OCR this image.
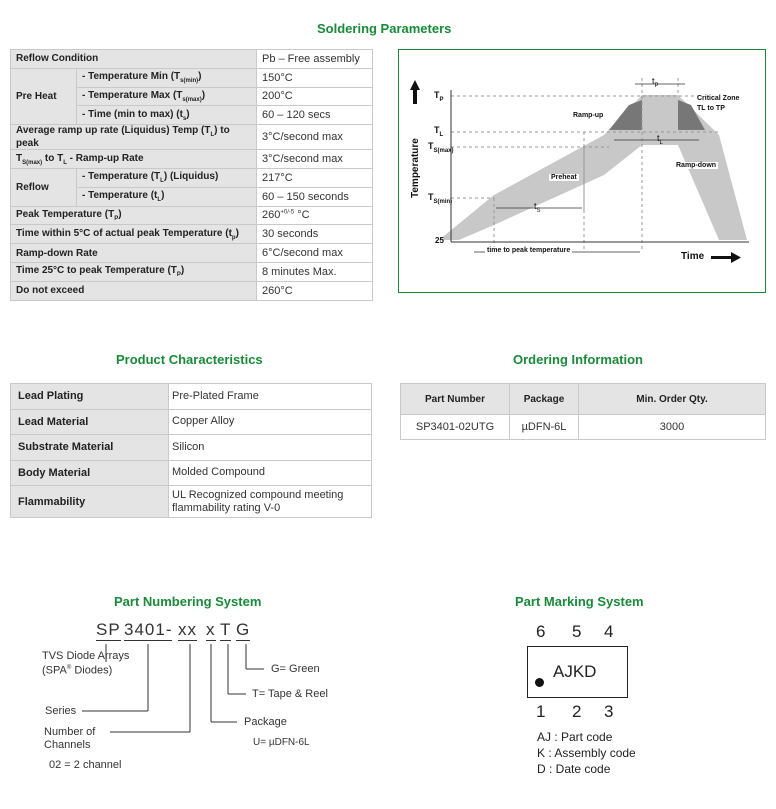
Soldering Parameters
Reflow Condition		Pb – Free assembly
Pre Heat	- Temperature Min $(T_{s(min)})$	150°C
	- Temperature Max $(T_{s(max)})$	200°C
	- Time (min to max) $(t_s)$	60 – 120 secs
Average ramp up rate (Liquidus) Temp $(T_L)$ to peak		3°C/second max
$T_{S(max)}$ to $T_L$ - Ramp-up Rate		3°C/second max
Reflow	- Temperature $(T_L)$ (Liquidus)	217°C
	- Temperature $(t_L)$	60 – 150 seconds
Peak Temperature $(T_P)$		$260^{+0/-5}$ °C
Time within 5°C of actual peak Temperature $(t_p)$		30 seconds
Ramp-down Rate		6°C/second max
Time 25°C to peak Temperature $(T_P)$		8 minutes Max.
Do not exceed		260°C
Temperature
Time
$T_P$
$T_L$
$T_{S(max)}$
$T_{S(min)}$
25
$t_P$
$t_L$
$t_S$
Ramp-up
Ramp-down
Preheat
Critical Zone
TL to TP
time to peak temperature
Product Characteristics
Lead Plating	Pre-Plated Frame
Lead Material	Copper Alloy
Substrate Material	Silicon
Body Material	Molded Compound
Flammability	UL Recognized compound meeting flammability rating V-0
Ordering Information
Part Number	Package	Min. Order Qty.
SP3401-02UTG	µDFN-6L	3000
Part Numbering System
SP 3401- xx x T G
TVS Diode Arrays
(SPA® Diodes)
Series
Number of
Channels
02 = 2 channel
G= Green
T= Tape & Reel
Package
U= µDFN-6L
Part Marking System
6 5 4
AJKD
1 2 3
AJ : Part code
K : Assembly code
D : Date code
